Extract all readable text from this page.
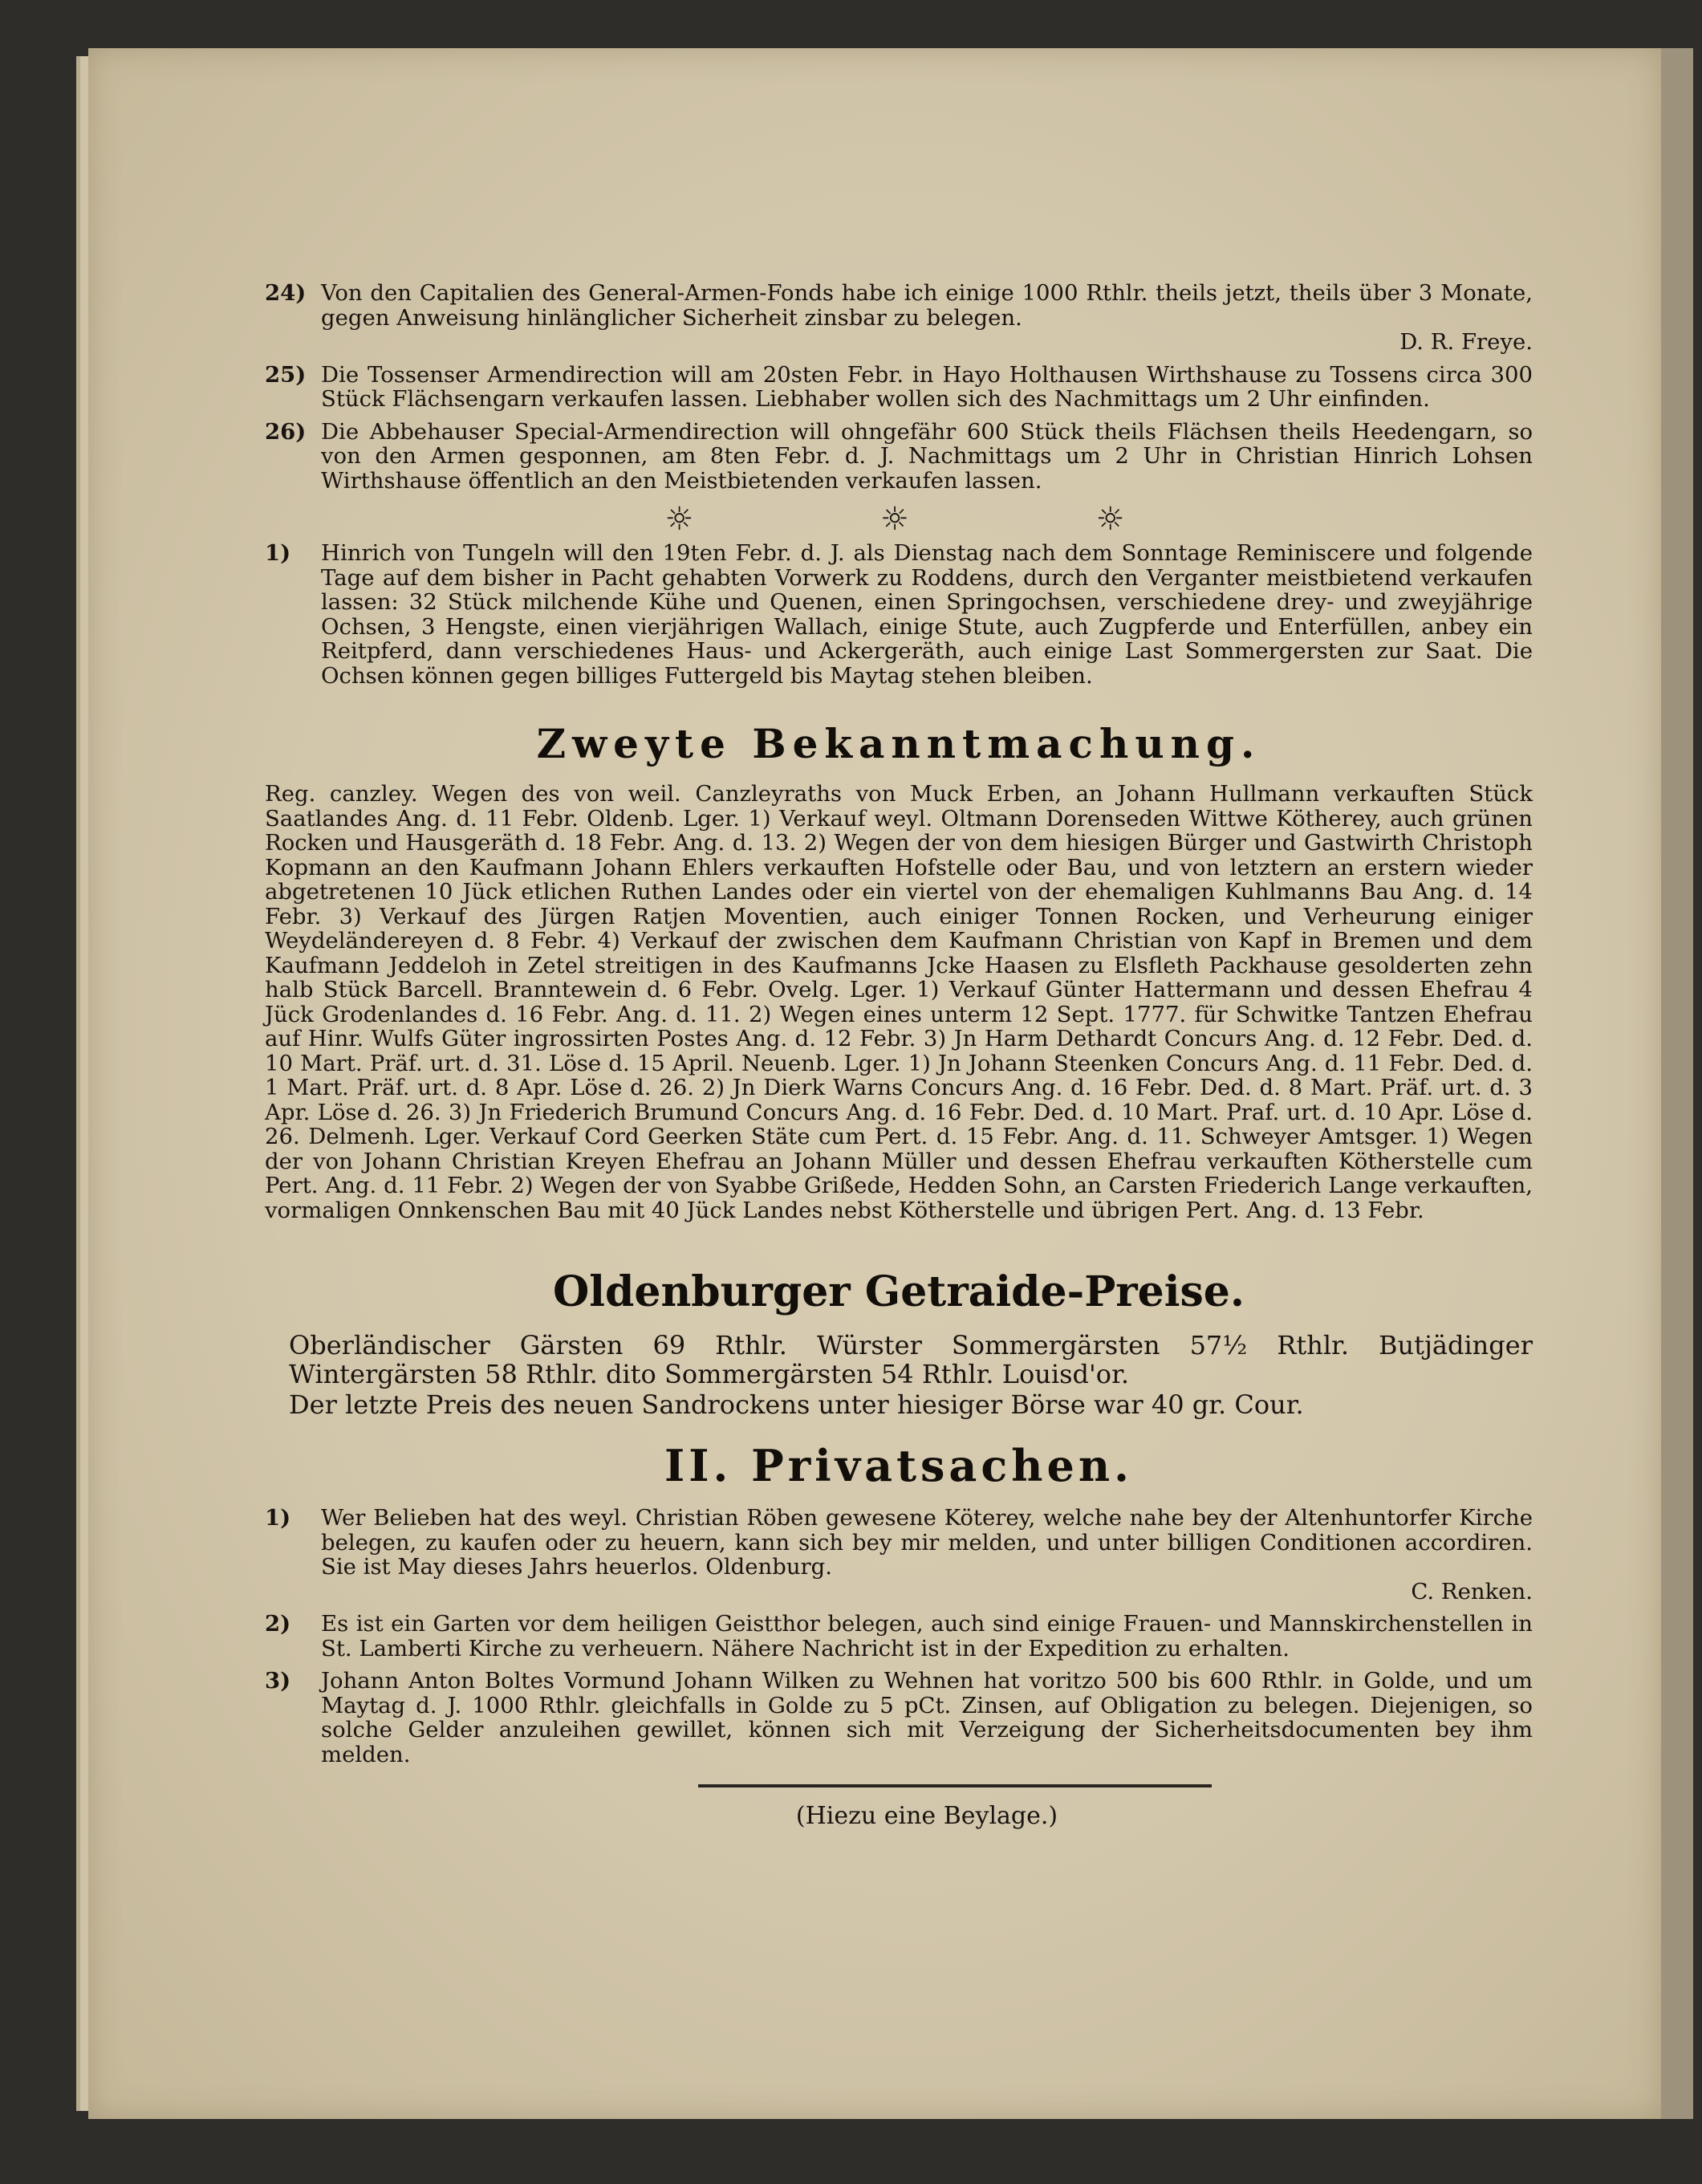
24) Von den Capitalien des General-Armen-Fonds habe ich einige 1000 Rthlr. theils jetzt, theils über 3 Monate, gegen Anweisung hinlänglicher Sicherheit zinsbar zu belegen.
D. R. Freye.
25) Die Tossenser Armendirection will am 20sten Febr. in Hayo Holthausen Wirthshause zu Tossens circa 300 Stück Flächsengarn verkaufen lassen. Liebhaber wollen sich des Nachmittags um 2 Uhr einfinden.
26) Die Abbehauser Special-Armendirection will ohngefähr 600 Stück theils Flächsen theils Heedengarn, so von den Armen gesponnen, am 8ten Febr. d. J. Nachmittags um 2 Uhr in Christian Hinrich Lohsen Wirthshause öffentlich an den Meistbietenden verkaufen lassen.
☼ ☼ ☼
1)	Hinrich von Tungeln will den 19ten Febr. d. J. als Dienstag nach dem Sonntage Reminiscere und folgende Tage auf dem bisher in Pacht gehabten Vorwerk zu Roddens, durch den Verganter meistbietend verkaufen lassen: 32 Stück milchende Kühe und Quenen, einen Springochsen, verschiedene drey- und zweyjährige Ochsen, 3 Hengste, einen vierjährigen Wallach, einige Stute, auch Zugpferde und Enterfüllen, anbey ein Reitpferd, dann verschiedenes Haus- und Ackergeräth, auch einige Last Sommergersten zur Saat. Die Ochsen können gegen billiges Futtergeld bis Maytag stehen bleiben.
Zweyte Bekanntmachung.

Reg. canzley. Wegen des von weil. Canzleyraths von Muck Erben, an Johann Hullmann verkauften Stück Saatlandes Ang. d. 11 Febr. Oldenb. Lger. 1) Verkauf weyl. Oltmann Dorenseden Wittwe Kötherey, auch grünen Rocken und Hausgeräth d. 18 Febr. Ang. d. 13. 2) Wegen der von dem hiesigen Bürger und Gastwirth Christoph Kopmann an den Kaufmann Johann Ehlers verkauften Hofstelle oder Bau, und von letztern an erstern wieder abgetretenen 10 Jück etlichen Ruthen Landes oder ein viertel von der ehemaligen Kuhlmanns Bau Ang. d. 14 Febr. 3) Verkauf des Jürgen Ratjen Moventien, auch einiger Tonnen Rocken, und Verheurung einiger Weydeländereyen d. 8 Febr. 4) Verkauf der zwischen dem Kaufmann Christian von Kapf in Bremen und dem Kaufmann Jeddeloh in Zetel streitigen in des Kaufmanns Jcke Haasen zu Elsfleth Packhause gesolderten zehn halb Stück Barcell. Branntewein d. 6 Febr. Ovelg. Lger. 1) Verkauf Günter Hattermann und dessen Ehefrau 4 Jück Grodenlandes d. 16 Febr. Ang. d. 11. 2) Wegen eines unterm 12 Sept. 1777. für Schwitke Tantzen Ehefrau auf Hinr. Wulfs Güter ingrossirten Postes Ang. d. 12 Febr. 3) Jn Harm Dethardt Concurs Ang. d. 12 Febr. Ded. d. 10 Mart. Präf. urt. d. 31. Löse d. 15 April. Neuenb. Lger. 1) Jn Johann Steenken Concurs Ang. d. 11 Febr. Ded. d. 1 Mart. Präf. urt. d. 8 Apr. Löse d. 26. 2) Jn Dierk Warns Concurs Ang. d. 16 Febr. Ded. d. 8 Mart. Präf. urt. d. 3 Apr. Löse d. 26. 3) Jn Friederich Brumund Concurs Ang. d. 16 Febr. Ded. d. 10 Mart. Praf. urt. d. 10 Apr. Löse d. 26. Delmenh. Lger. Verkauf Cord Geerken Stäte cum Pert. d. 15 Febr. Ang. d. 11. Schweyer Amtsger. 1) Wegen der von Johann Christian Kreyen Ehefrau an Johann Müller und dessen Ehefrau verkauften Kötherstelle cum Pert. Ang. d. 11 Febr. 2) Wegen der von Syabbe Grißede, Hedden Sohn, an Carsten Friederich Lange verkauften, vormaligen Onnkenschen Bau mit 40 Jück Landes nebst Kötherstelle und übrigen Pert. Ang. d. 13 Febr.

Oldenburger Getraide-Preise.

Oberländischer Gärsten 69 Rthlr. Würster Sommergärsten 57½ Rthlr. Butjädinger Wintergärsten 58 Rthlr. dito Sommergärsten 54 Rthlr. Louisd'or.

Der letzte Preis des neuen Sandrockens unter hiesiger Börse war 40 gr. Cour.

II. Privatsachen.
1)	Wer Belieben hat des weyl. Christian Röben gewesene Köterey, welche nahe bey der Altenhuntorfer Kirche belegen, zu kaufen oder zu heuern, kann sich bey mir melden, und unter billigen Conditionen accordiren. Sie ist May dieses Jahrs heuerlos. Oldenburg.
C. Renken.
2)	Es ist ein Garten vor dem heiligen Geistthor belegen, auch sind einige Frauen- und Mannskirchenstellen in St. Lamberti Kirche zu verheuern. Nähere Nachricht ist in der Expedition zu erhalten.
3)	Johann Anton Boltes Vormund Johann Wilken zu Wehnen hat voritzo 500 bis 600 Rthlr. in Golde, und um Maytag d. J. 1000 Rthlr. gleichfalls in Golde zu 5 pCt. Zinsen, auf Obligation zu belegen. Diejenigen, so solche Gelder anzuleihen gewillet, können sich mit Verzeigung der Sicherheitsdocumenten bey ihm melden.
(Hiezu eine Beylage.)
